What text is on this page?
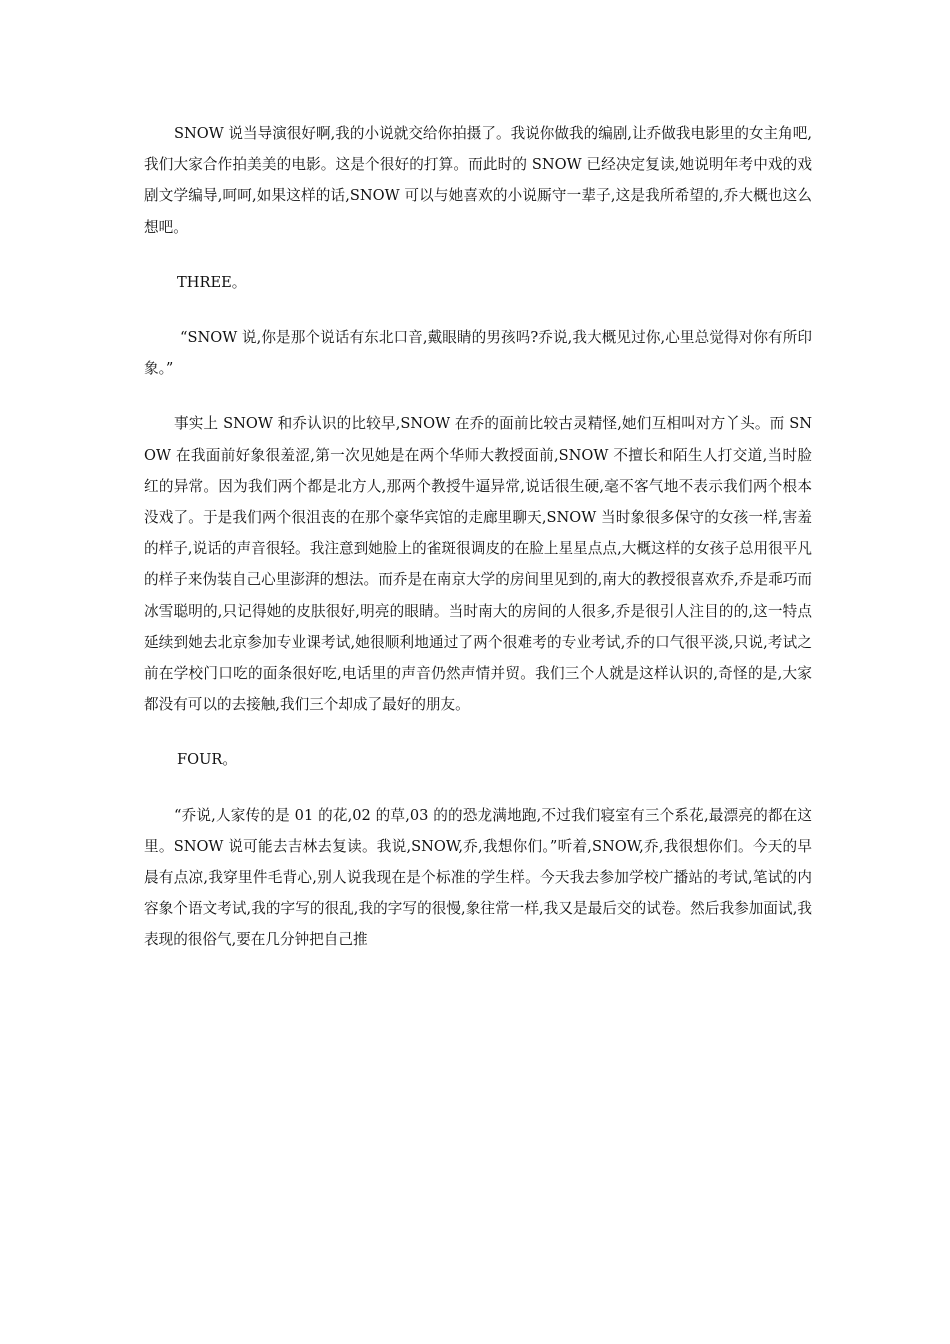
SNOW 说当导演很好啊,我的小说就交给你拍摄了。我说你做我的编剧,让乔做我电影里的女主角吧,我们大家合作拍美美的电影。这是个很好的打算。而此时的 SNOW 已经决定复读,她说明年考中戏的戏剧文学编导,呵呵,如果这样的话,SNOW 可以与她喜欢的小说厮守一辈子,这是我所希望的,乔大概也这么想吧。

THREE。

“SNOW 说,你是那个说话有东北口音,戴眼睛的男孩吗?乔说,我大概见过你,心里总觉得对你有所印象。”

事实上 SNOW 和乔认识的比较早,SNOW 在乔的面前比较古灵精怪,她们互相叫对方丫头。而 SNOW 在我面前好象很羞涩,第一次见她是在两个华师大教授面前,SNOW 不擅长和陌生人打交道,当时脸红的异常。因为我们两个都是北方人,那两个教授牛逼异常,说话很生硬,毫不客气地不表示我们两个根本没戏了。于是我们两个很沮丧的在那个豪华宾馆的走廊里聊天,SNOW 当时象很多保守的女孩一样,害羞的样子,说话的声音很轻。我注意到她脸上的雀斑很调皮的在脸上星星点点,大概这样的女孩子总用很平凡的样子来伪装自己心里澎湃的想法。而乔是在南京大学的房间里见到的,南大的教授很喜欢乔,乔是乖巧而冰雪聪明的,只记得她的皮肤很好,明亮的眼睛。当时南大的房间的人很多,乔是很引人注目的的,这一特点延续到她去北京参加专业课考试,她很顺利地通过了两个很难考的专业考试,乔的口气很平淡,只说,考试之前在学校门口吃的面条很好吃,电话里的声音仍然声情并贸。我们三个人就是这样认识的,奇怪的是,大家都没有可以的去接触,我们三个却成了最好的朋友。

FOUR。

“乔说,人家传的是 01 的花,02 的草,03 的的恐龙满地跑,不过我们寝室有三个系花,最漂亮的都在这里。SNOW 说可能去吉林去复读。我说,SNOW,乔,我想你们。”听着,SNOW,乔,我很想你们。今天的早晨有点凉,我穿里件毛背心,别人说我现在是个标准的学生样。今天我去参加学校广播站的考试,笔试的内容象个语文考试,我的字写的很乱,我的字写的很慢,象往常一样,我又是最后交的试卷。然后我参加面试,我表现的很俗气,要在几分钟把自己推
